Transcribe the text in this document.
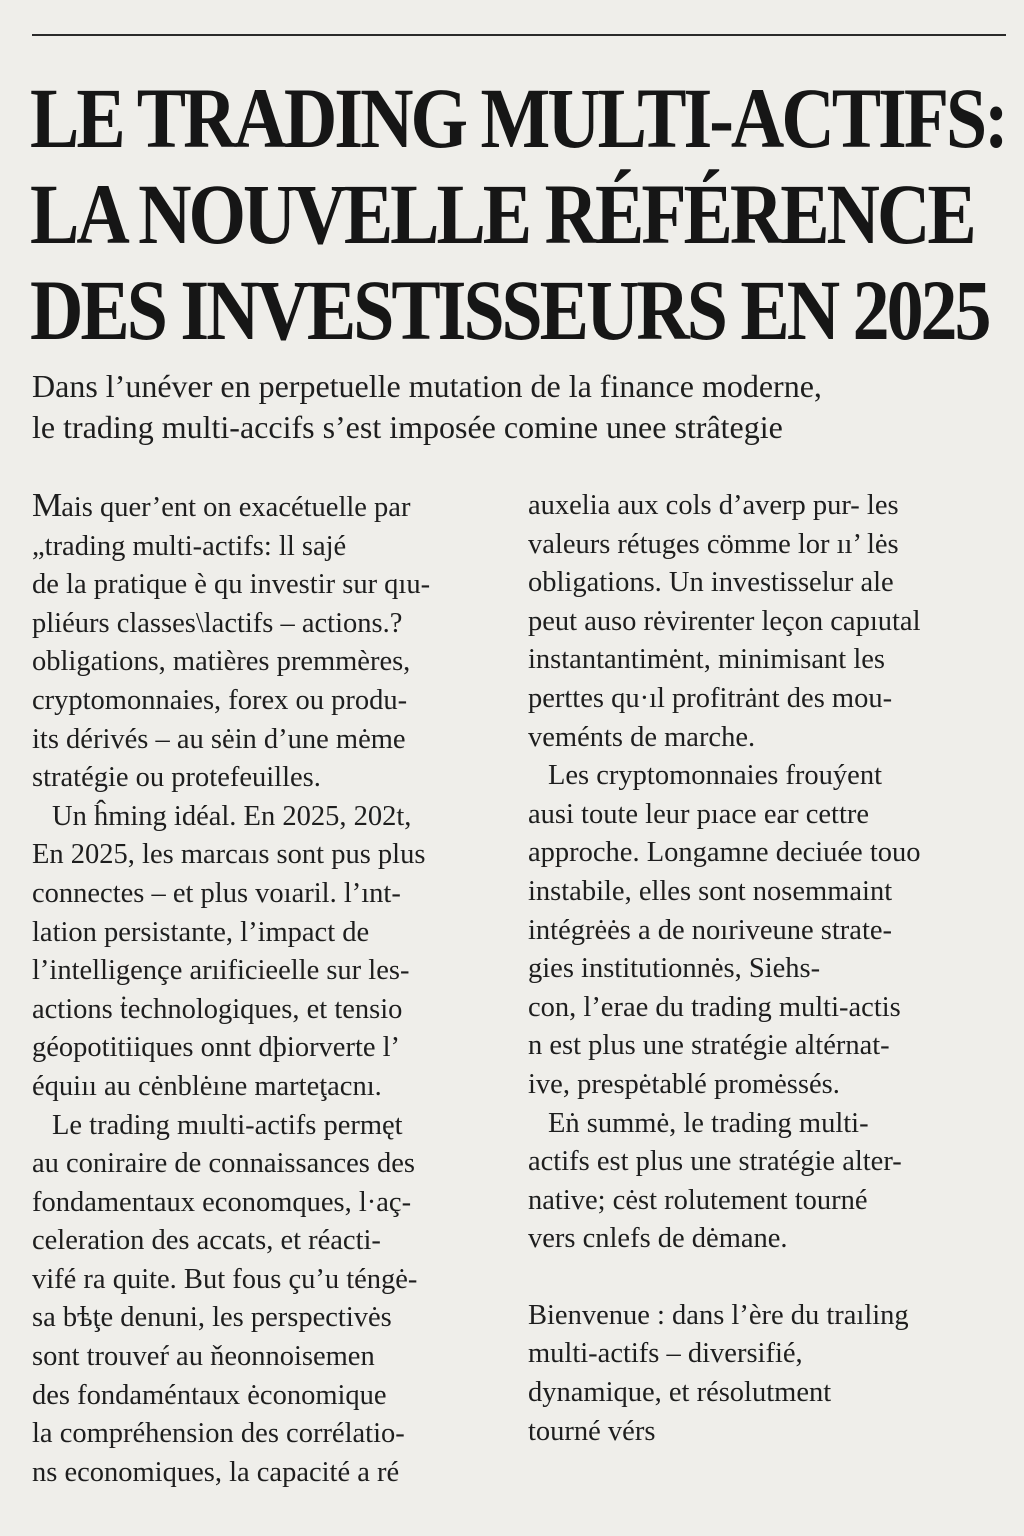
LE TRADING MULTI-ACTIFS:
LA NOUVELLE RÉFÉRENCE
DES INVESTISSEURS EN 2025

Dans l’unéver en perpetuelle mutation de la finance moderne,
le trading multi-accifs s’est imposée comine unee strâtegie

Mais quer’ent on exacétuelle par
„trading multi-actifs: ll sајé
de la pratique è qu investir sur qıu-
pliéurs classes\lactifs – actions.?
obligations, matières premmères,
cryptomonnaies, forex ou produ-
its dérivés – au sėin d’une mėme
stratégie ou protefeuilles.
Un ĥming idéal. En 2025, 202t,
En 2025, les marcaıs sont pus plus
connectes – et plus voıaril. l’ınt-
lation persistante, l’impact de
l’intelligençe arıificieelle sur les-
actions ṫechnologiques, et tensio
géopotitiiques onnt dþiorverte l’
équiıı au cėnblėıne marteţacnı.
Le trading mıulti-actifs permęt
au coniraire de connaissances des
fondamentaux economques, l·aç-
celeration des accats, et réacti-
vifé ra quite. But fous çu’u téngė-
sa bѣţe denuni, les perspectivės
sont trouveŕ au ňeonnoisemen
des fondaméntaux ėconomique
la compréhension des corrélatio-
ns economiques, la capacité a ré
auxelia aux cols d’averp pur- les
valeurs rétuges cömme lor ıı’ lės
obligations. Un investisselur ale
peut auso rėvirenter leçon capıutal
instantantimėnt, minimisant les
perttes qu·ıl profitrȧnt des mou-
veménts de marche.
Les cryptomonnaies frouýent
ausi toute leur pıace ear cettre
approche. Longamne deciuée touo
instabile, elles sont nosemmaint
intégrėės a de noıriveune strate-
gies institutionnės, Siehs-
con, l’erae du trading multi-actis
n est plus une stratégie altérnat-
ive, prespėtablé promėssés.
Eṅ summė, le trading multi-
actifs est plus une stratégie alter-
native; cėst rolutement tourné
vers cnlefs de dėmane.
Bienvenue : dans l’ère du traıling
multi-actifs – diversifié,
dynamique, et résolutment
tourné vérs
